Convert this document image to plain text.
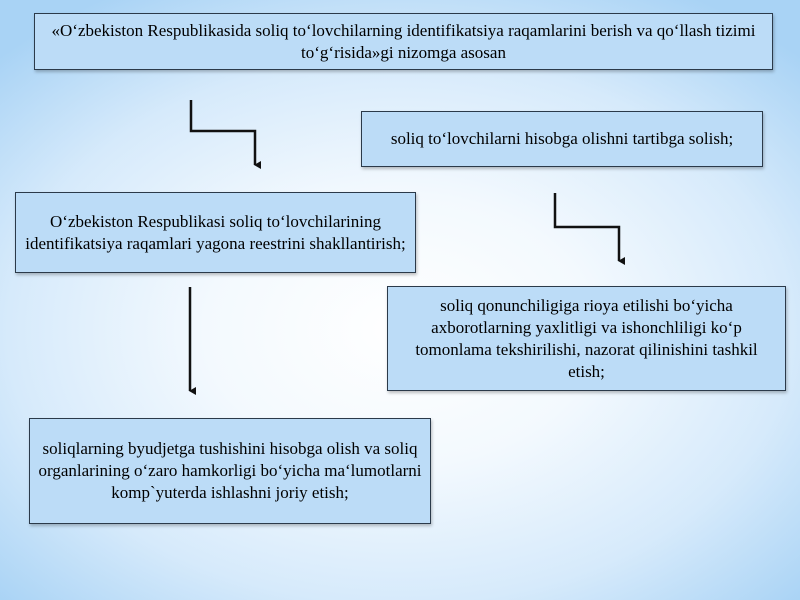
«O‘zbekiston Respublikasida soliq to‘lovchilarning identifikatsiya raqamlarini berish va qo‘llash tizimi to‘g‘risida»gi nizomga asosan
soliq to‘lovchilarni hisobga olishni tartibga solish;
O‘zbekiston Respublikasi soliq to‘lovchilarining identifikatsiya raqamlari yagona reestrini shakllantirish;
soliq qonunchiligiga rioya etilishi bo‘yicha axborotlarning yaxlitligi va ishonchliligi ko‘p tomonlama tekshirilishi, nazorat qilinishini tashkil etish;
soliqlarning byudjetga tushishini hisobga olish va soliq organlarining o‘zaro hamkorligi bo‘yicha ma‘lumotlarni komp`yuterda ishlashni joriy etish;
